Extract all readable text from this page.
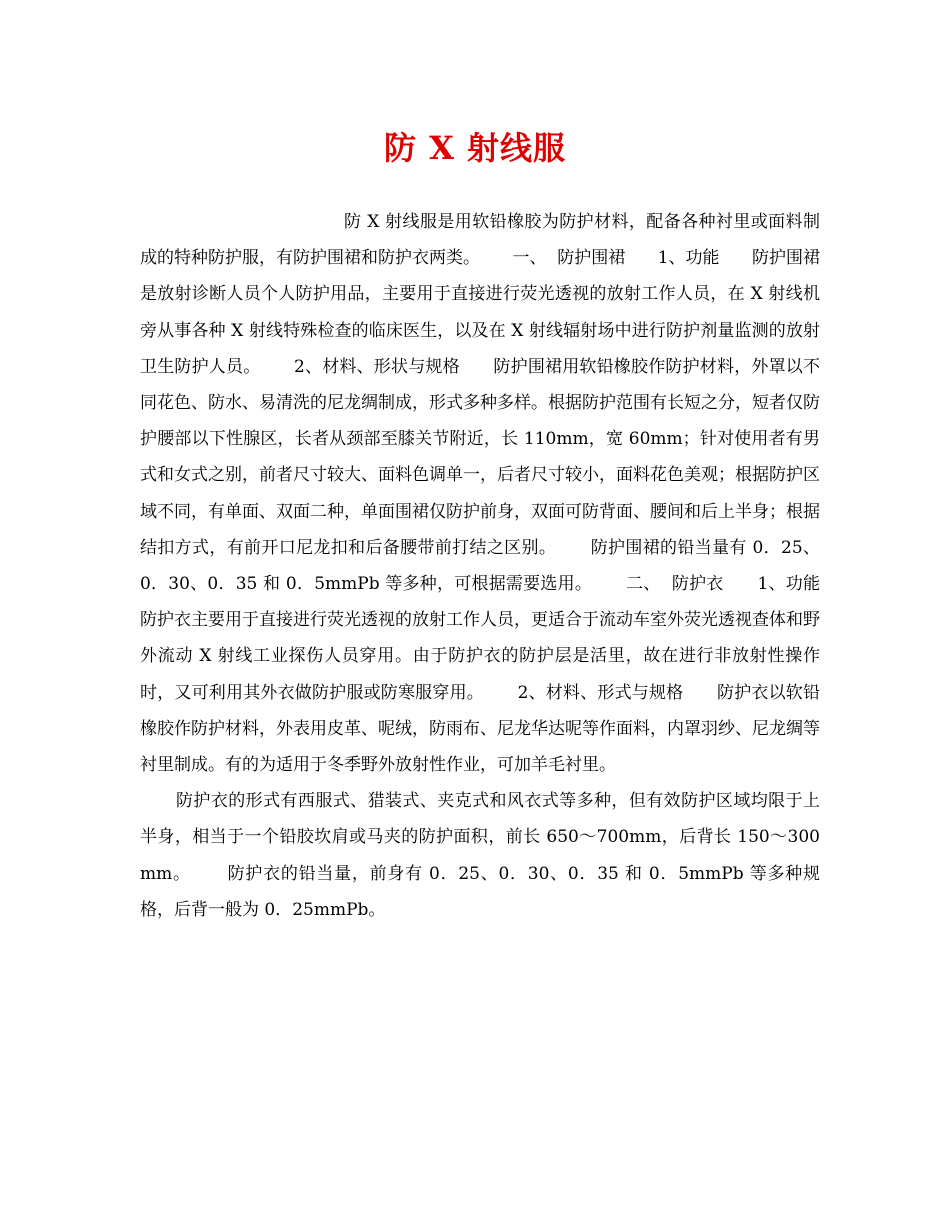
防 X 射线服

防 X 射线服是用软铅橡胶为防护材料，配备各种衬里或面料制成的特种防护服，有防护围裙和防护衣两类。      一、  防护围裙      1、功能      防护围裙是放射诊断人员个人防护用品，主要用于直接进行荧光透视的放射工作人员，在 X 射线机旁从事各种 X 射线特殊检查的临床医生，以及在 X 射线辐射场中进行防护剂量监测的放射卫生防护人员。      2、材料、形状与规格      防护围裙用软铅橡胶作防护材料，外罩以不同花色、防水、易清洗的尼龙绸制成，形式多种多样。根据防护范围有长短之分，短者仅防护腰部以下性腺区，长者从颈部至膝关节附近，长 110mm，宽 60mm；针对使用者有男式和女式之别，前者尺寸较大、面料色调单一，后者尺寸较小，面料花色美观；根据防护区域不同，有单面、双面二种，单面围裙仅防护前身，双面可防背面、腰间和后上半身；根据结扣方式，有前开口尼龙扣和后备腰带前打结之区别。      防护围裙的铅当量有 0．25、0．30、0．35 和 0．5mmPb 等多种，可根据需要选用。      二、  防护衣      1、功能      防护衣主要用于直接进行荧光透视的放射工作人员，更适合于流动车室外荧光透视查体和野外流动 X 射线工业探伤人员穿用。由于防护衣的防护层是活里，故在进行非放射性操作时，又可利用其外衣做防护服或防寒服穿用。      2、材料、形式与规格      防护衣以软铅橡胶作防护材料，外表用皮革、呢绒，防雨布、尼龙华达呢等作面料，内罩羽纱、尼龙绸等衬里制成。有的为适用于冬季野外放射性作业，可加羊毛衬里。

防护衣的形式有西服式、猎装式、夹克式和风衣式等多种，但有效防护区域均限于上半身，相当于一个铅胶坎肩或马夹的防护面积，前长 650～700mm，后背长 150～300mm。      防护衣的铅当量，前身有 0．25、0．30、0．35 和 0．5mmPb 等多种规格，后背一般为 0．25mmPb。
